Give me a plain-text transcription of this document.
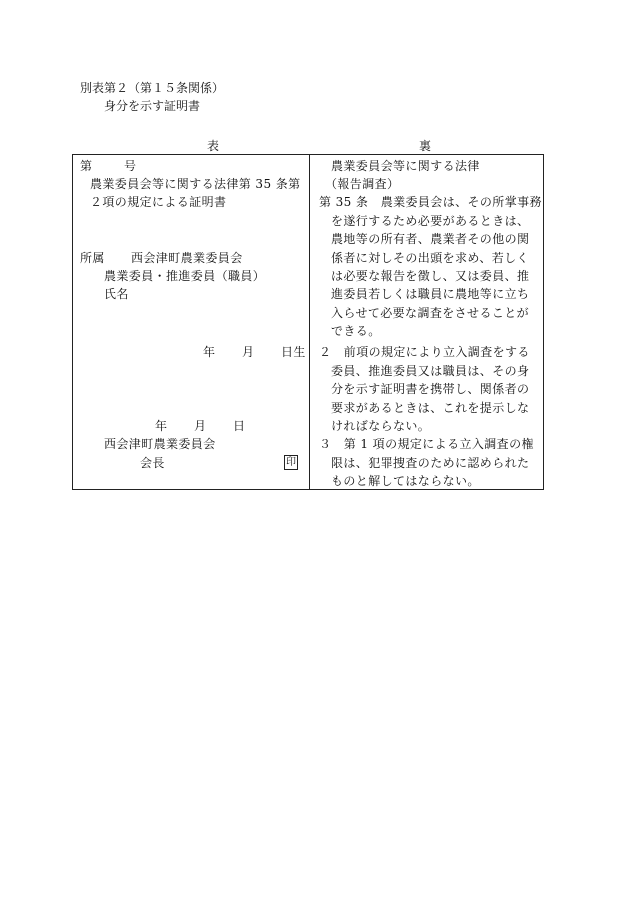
別表第２（第１５条関係）
身分を示す証明書
表	裏
第　号
農業委員会等に関する法律第 35 条第
２項の規定による証明書
所属 西会津町農業委員会
農業委員・推進委員（職員）
氏名
年 月 日生
年 月 日
西会津町農業委員会
会長	印
農業委員会等に関する法律
（報告調査）
第 35 条　農業委員会は、その所掌事務
を遂行するため必要があるときは、
農地等の所有者、農業者その他の関
係者に対しその出頭を求め、若しく
は必要な報告を徴し、又は委員、推
進委員若しくは職員に農地等に立ち
入らせて必要な調査をさせることが
できる。
２　前項の規定により立入調査をする
委員、推進委員又は職員は、その身
分を示す証明書を携帯し、関係者の
要求があるときは、これを提示しな
ければならない。
３　第 1 項の規定による立入調査の権
限は、犯罪捜査のために認められた
ものと解してはならない。
